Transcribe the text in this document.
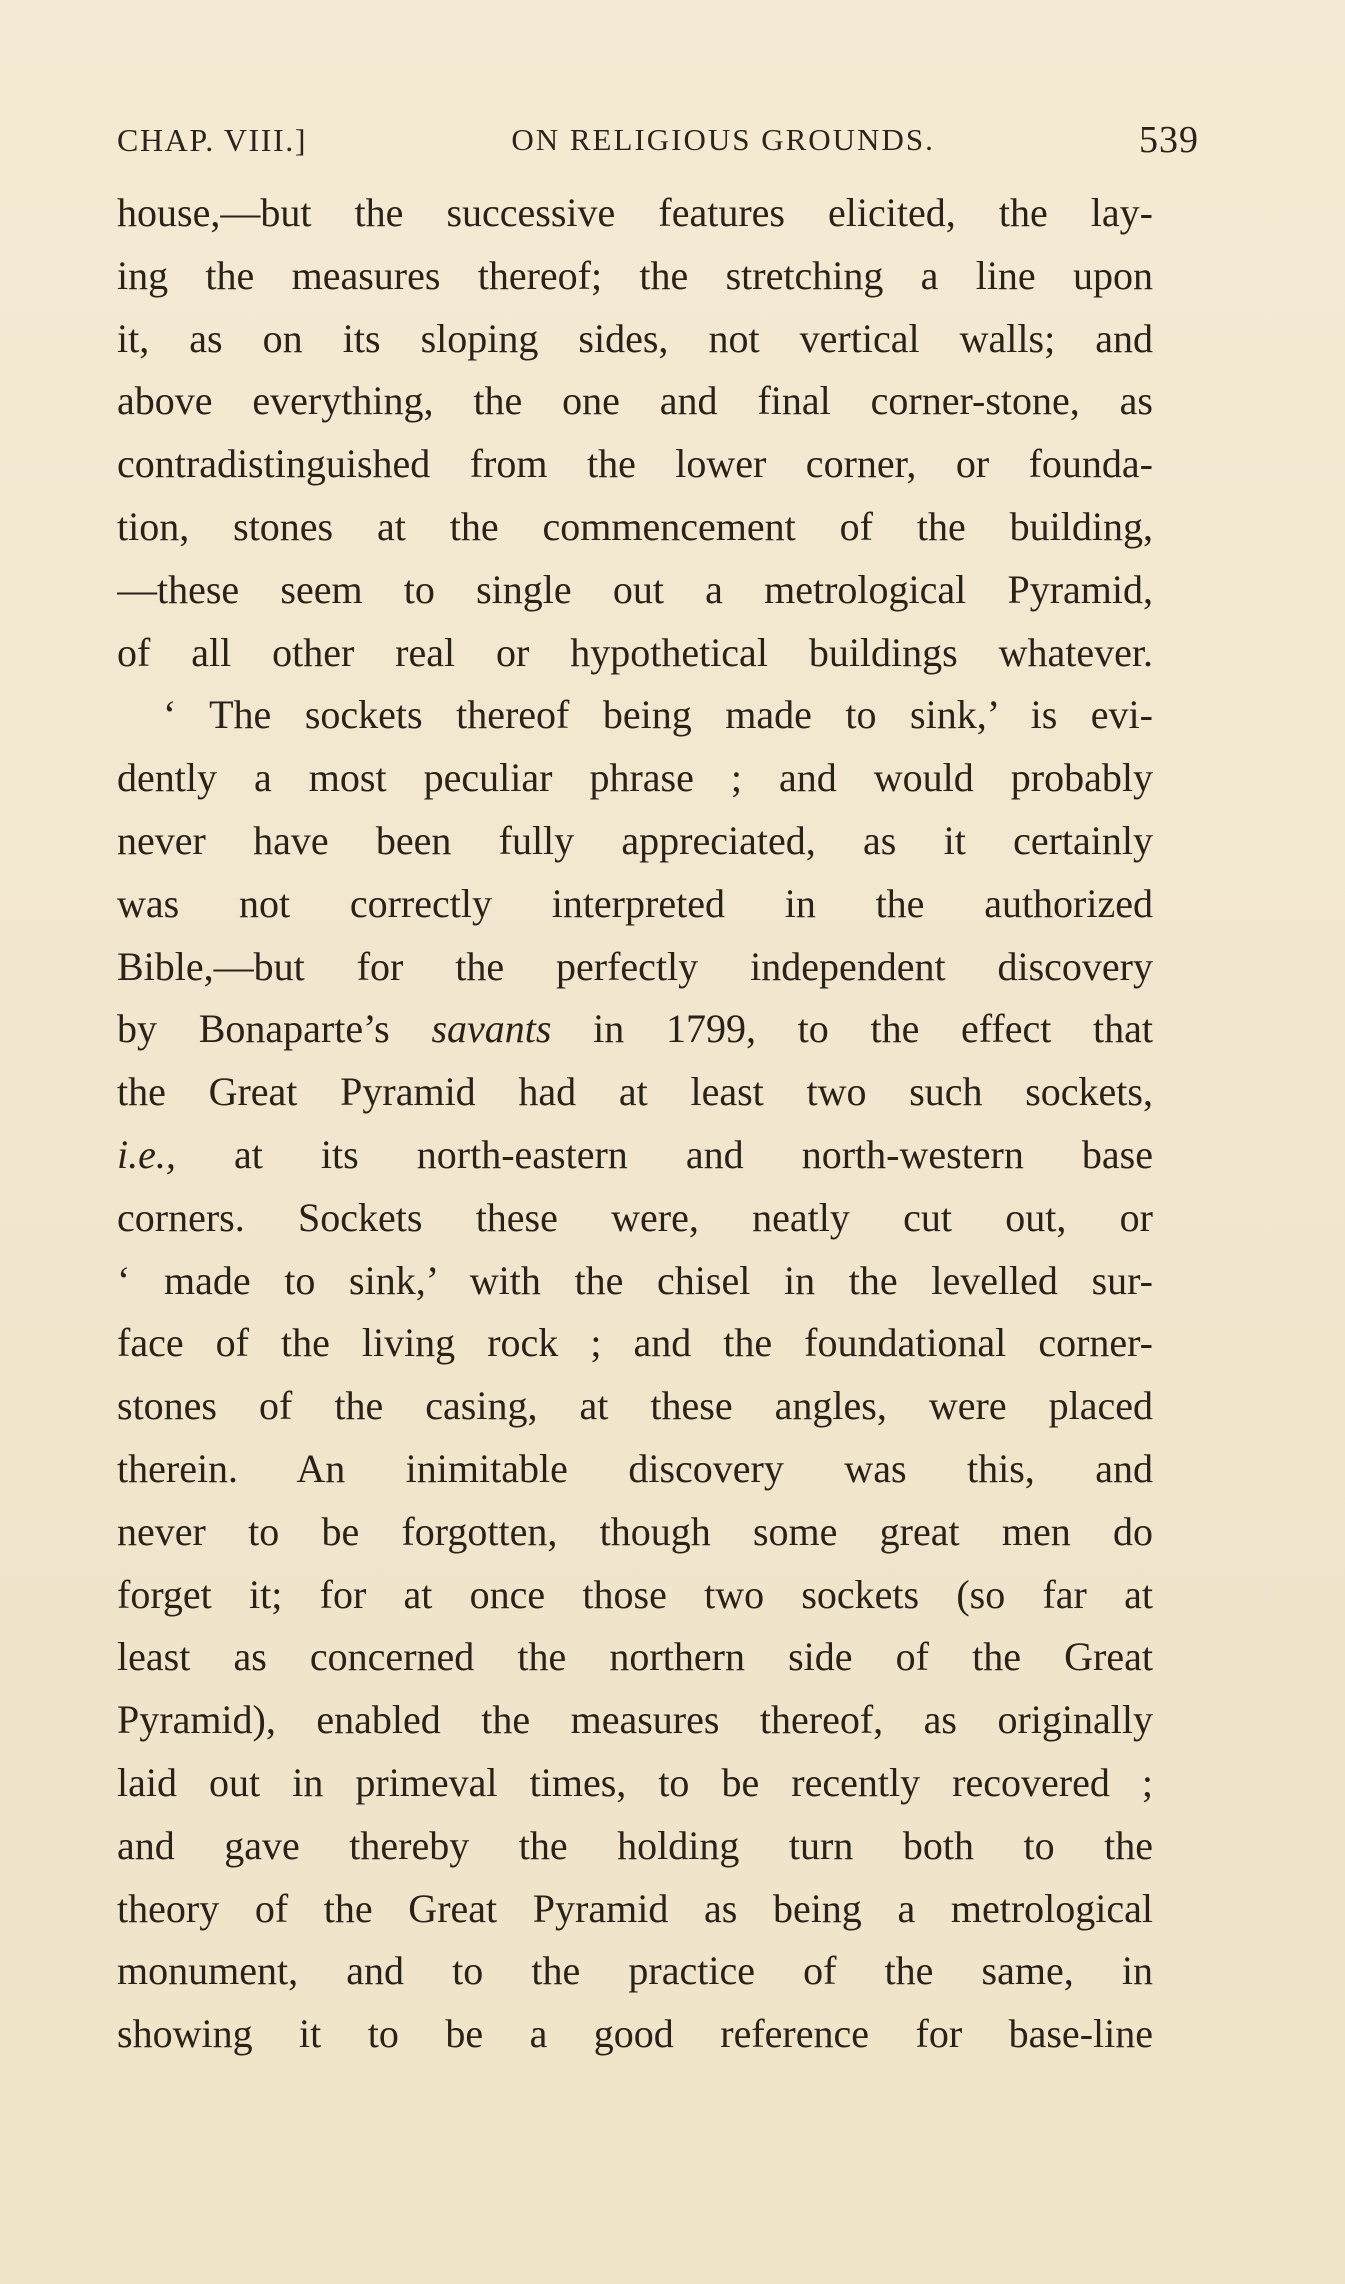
CHAP. VIII.]	ON RELIGIOUS GROUNDS.	539
house,—but the successive features elicited, the lay-
ing the measures thereof; the stretching a line upon
it, as on its sloping sides, not vertical walls; and
above everything, the one and final corner-stone, as
contradistinguished from the lower corner, or founda-
tion, stones at the commencement of the building,
—these seem to single out a metrological Pyramid,
of all other real or hypothetical buildings whatever.
‘ The sockets thereof being made to sink,’ is evi-
dently a most peculiar phrase ; and would probably
never have been fully appreciated, as it certainly
was not correctly interpreted in the authorized
Bible,—but for the perfectly independent discovery
by Bonaparte’s savants in 1799, to the effect that
the Great Pyramid had at least two such sockets,
i.e., at its north-eastern and north-western base
corners. Sockets these were, neatly cut out, or
‘ made to sink,’ with the chisel in the levelled sur-
face of the living rock ; and the foundational corner-
stones of the casing, at these angles, were placed
therein. An inimitable discovery was this, and
never to be forgotten, though some great men do
forget it; for at once those two sockets (so far at
least as concerned the northern side of the Great
Pyramid), enabled the measures thereof, as originally
laid out in primeval times, to be recently recovered ;
and gave thereby the holding turn both to the
theory of the Great Pyramid as being a metrological
monument, and to the practice of the same, in
showing it to be a good reference for base-line
